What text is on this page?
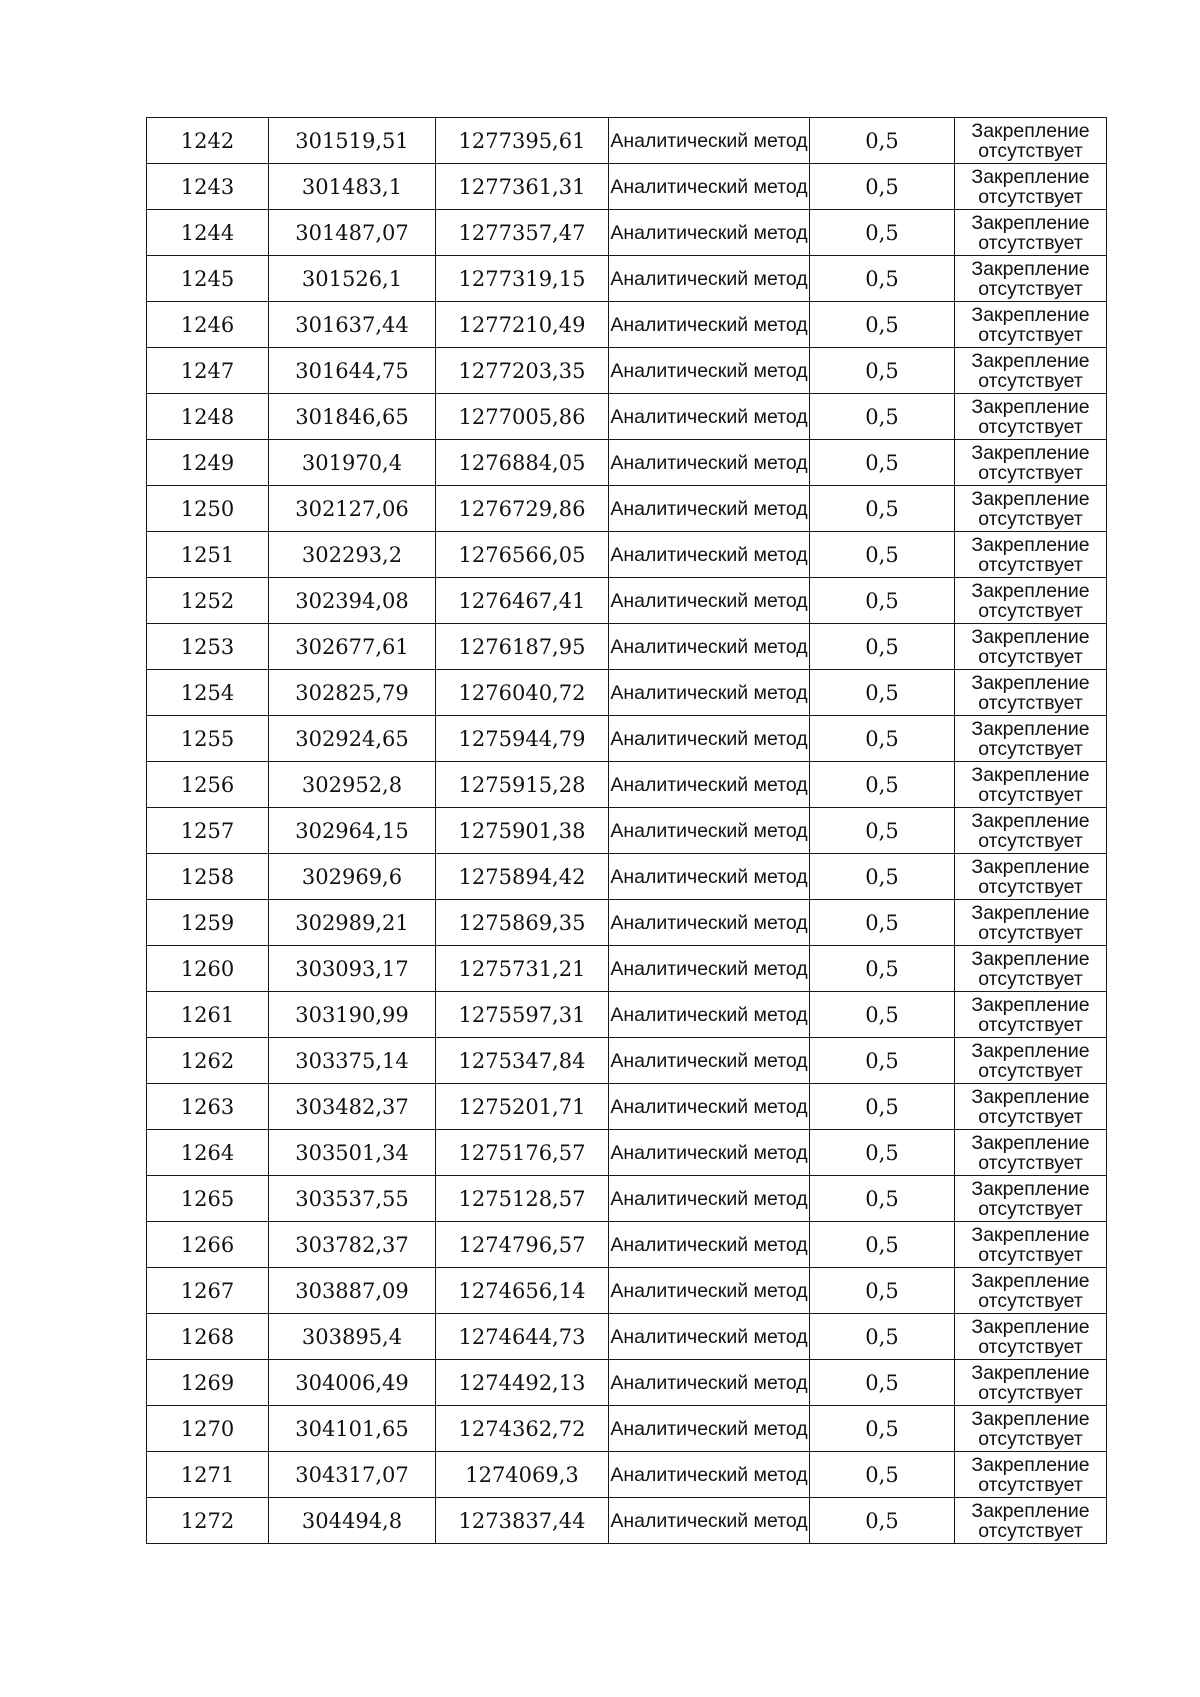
1242	301519,51	1277395,61	Аналитический метод	0,5	Закрепление отсутствует
1243	301483,1	1277361,31	Аналитический метод	0,5	Закрепление отсутствует
1244	301487,07	1277357,47	Аналитический метод	0,5	Закрепление отсутствует
1245	301526,1	1277319,15	Аналитический метод	0,5	Закрепление отсутствует
1246	301637,44	1277210,49	Аналитический метод	0,5	Закрепление отсутствует
1247	301644,75	1277203,35	Аналитический метод	0,5	Закрепление отсутствует
1248	301846,65	1277005,86	Аналитический метод	0,5	Закрепление отсутствует
1249	301970,4	1276884,05	Аналитический метод	0,5	Закрепление отсутствует
1250	302127,06	1276729,86	Аналитический метод	0,5	Закрепление отсутствует
1251	302293,2	1276566,05	Аналитический метод	0,5	Закрепление отсутствует
1252	302394,08	1276467,41	Аналитический метод	0,5	Закрепление отсутствует
1253	302677,61	1276187,95	Аналитический метод	0,5	Закрепление отсутствует
1254	302825,79	1276040,72	Аналитический метод	0,5	Закрепление отсутствует
1255	302924,65	1275944,79	Аналитический метод	0,5	Закрепление отсутствует
1256	302952,8	1275915,28	Аналитический метод	0,5	Закрепление отсутствует
1257	302964,15	1275901,38	Аналитический метод	0,5	Закрепление отсутствует
1258	302969,6	1275894,42	Аналитический метод	0,5	Закрепление отсутствует
1259	302989,21	1275869,35	Аналитический метод	0,5	Закрепление отсутствует
1260	303093,17	1275731,21	Аналитический метод	0,5	Закрепление отсутствует
1261	303190,99	1275597,31	Аналитический метод	0,5	Закрепление отсутствует
1262	303375,14	1275347,84	Аналитический метод	0,5	Закрепление отсутствует
1263	303482,37	1275201,71	Аналитический метод	0,5	Закрепление отсутствует
1264	303501,34	1275176,57	Аналитический метод	0,5	Закрепление отсутствует
1265	303537,55	1275128,57	Аналитический метод	0,5	Закрепление отсутствует
1266	303782,37	1274796,57	Аналитический метод	0,5	Закрепление отсутствует
1267	303887,09	1274656,14	Аналитический метод	0,5	Закрепление отсутствует
1268	303895,4	1274644,73	Аналитический метод	0,5	Закрепление отсутствует
1269	304006,49	1274492,13	Аналитический метод	0,5	Закрепление отсутствует
1270	304101,65	1274362,72	Аналитический метод	0,5	Закрепление отсутствует
1271	304317,07	1274069,3	Аналитический метод	0,5	Закрепление отсутствует
1272	304494,8	1273837,44	Аналитический метод	0,5	Закрепление отсутствует
